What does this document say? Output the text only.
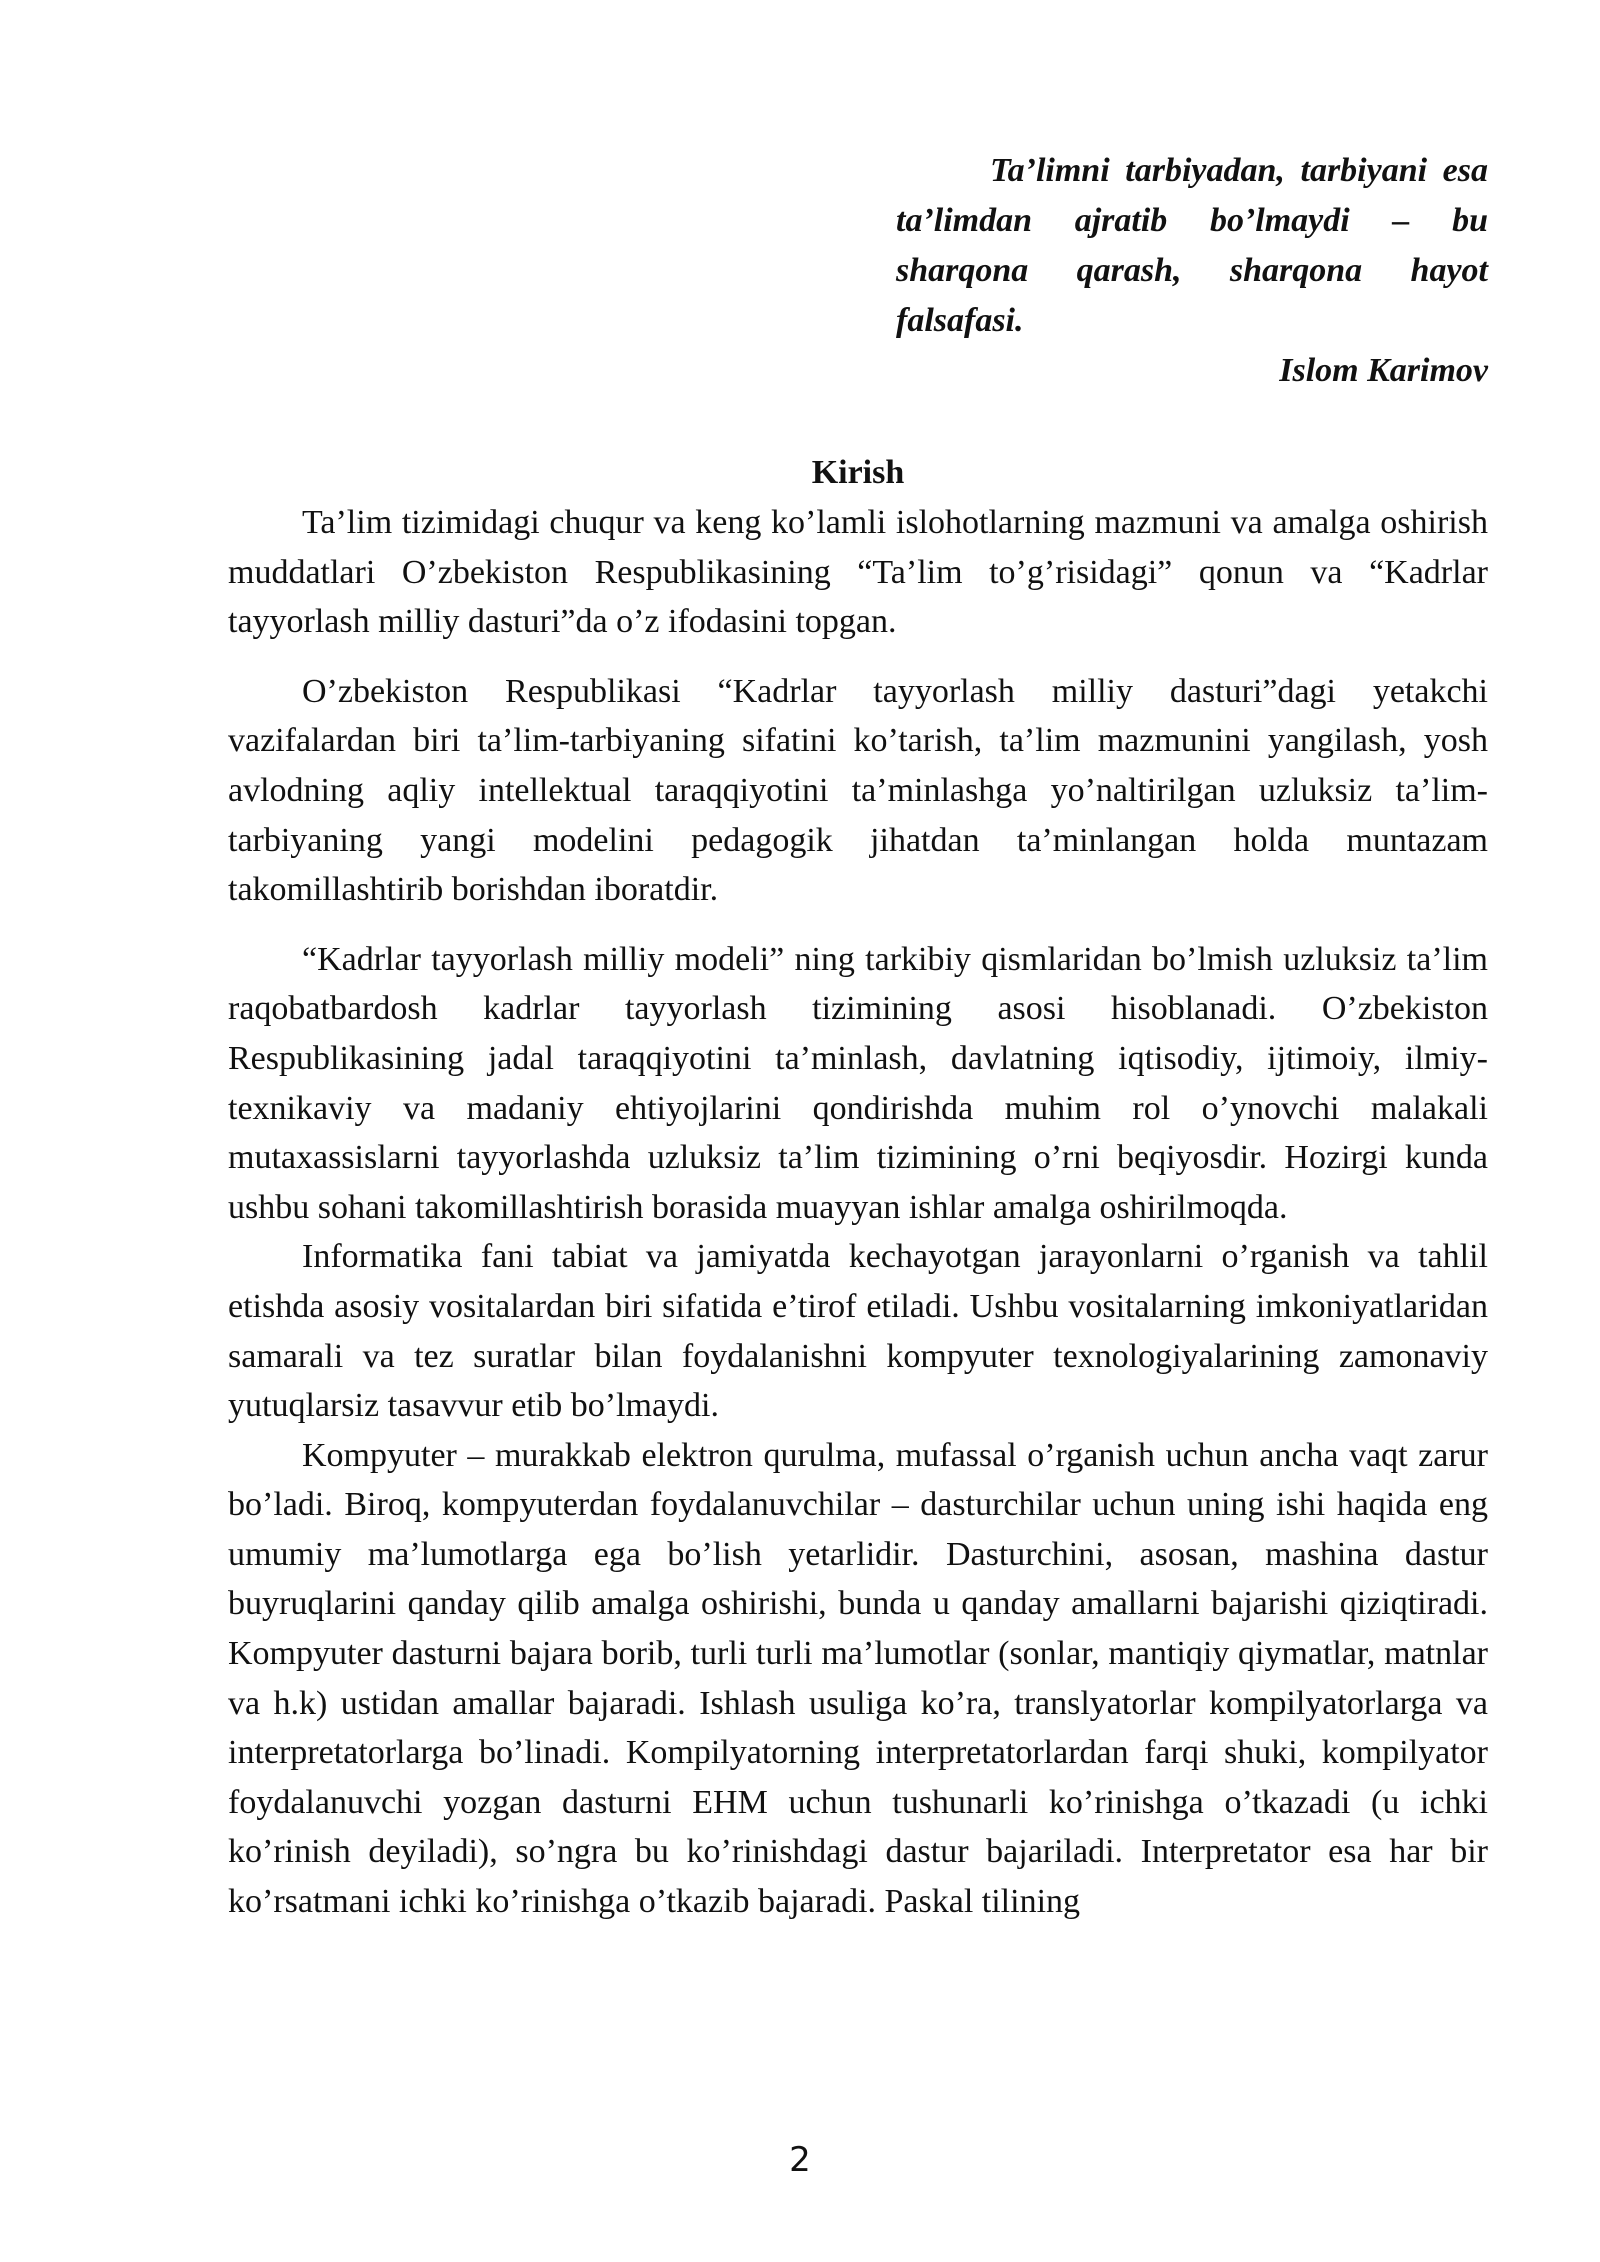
Ta’limni tarbiyadan, tarbiyani esa ta’limdan ajratib bo’lmaydi – bu sharqona qarash, sharqona hayot falsafasi.

Islom Karimov

Kirish

Ta’lim tizimidagi chuqur va keng ko’lamli islohotlarning mazmuni va amalga oshirish muddatlari O’zbekiston Respublikasining “Ta’lim to’g’risidagi” qonun va “Kadrlar tayyorlash milliy dasturi”da o’z ifodasini topgan.

O’zbekiston Respublikasi “Kadrlar tayyorlash milliy dasturi”dagi yetakchi vazifalardan biri ta’lim-tarbiyaning sifatini ko’tarish, ta’lim mazmunini yangilash, yosh avlodning aqliy intellektual taraqqiyotini ta’minlashga yo’naltirilgan uzluksiz ta’lim-tarbiyaning yangi modelini pedagogik jihatdan ta’minlangan holda muntazam takomillashtirib borishdan iboratdir.

“Kadrlar tayyorlash milliy modeli” ning tarkibiy qismlaridan bo’lmish uzluksiz ta’lim raqobatbardosh kadrlar tayyorlash tizimining asosi hisoblanadi. O’zbekiston Respublikasining jadal taraqqiyotini ta’minlash, davlatning iqtisodiy, ijtimoiy, ilmiy-texnikaviy va madaniy ehtiyojlarini qondirishda muhim rol o’ynovchi malakali mutaxassislarni tayyorlashda uzluksiz ta’lim tizimining o’rni beqiyosdir. Hozirgi kunda ushbu sohani takomillashtirish borasida muayyan ishlar amalga oshirilmoqda.

Informatika fani tabiat va jamiyatda kechayotgan jarayonlarni o’rganish va tahlil etishda asosiy vositalardan biri sifatida e’tirof etiladi. Ushbu vositalarning imkoniyatlaridan samarali va tez suratlar bilan foydalanishni kompyuter texnologiyalarining zamonaviy yutuqlarsiz tasavvur etib bo’lmaydi.

Kompyuter – murakkab elektron qurulma, mufassal o’rganish uchun ancha vaqt zarur bo’ladi. Biroq, kompyuterdan foydalanuvchilar – dasturchilar uchun uning ishi haqida eng umumiy ma’lumotlarga ega bo’lish yetarlidir. Dasturchini, asosan, mashina dastur buyruqlarini qanday qilib amalga oshirishi, bunda u qanday amallarni bajarishi qiziqtiradi. Kompyuter dasturni bajara borib, turli turli ma’lumotlar (sonlar, mantiqiy qiymatlar, matnlar va h.k) ustidan amallar bajaradi. Ishlash usuliga ko’ra, translyatorlar kompilyatorlarga va interpretatorlarga bo’linadi. Kompilyatorning interpretatorlardan farqi shuki, kompilyator foydalanuvchi yozgan dasturni EHM uchun tushunarli ko’rinishga o’tkazadi (u ichki ko’rinish deyiladi), so’ngra bu ko’rinishdagi dastur bajariladi. Interpretator esa har bir ko’rsatmani ichki ko’rinishga o’tkazib bajaradi. Paskal tilining

2
